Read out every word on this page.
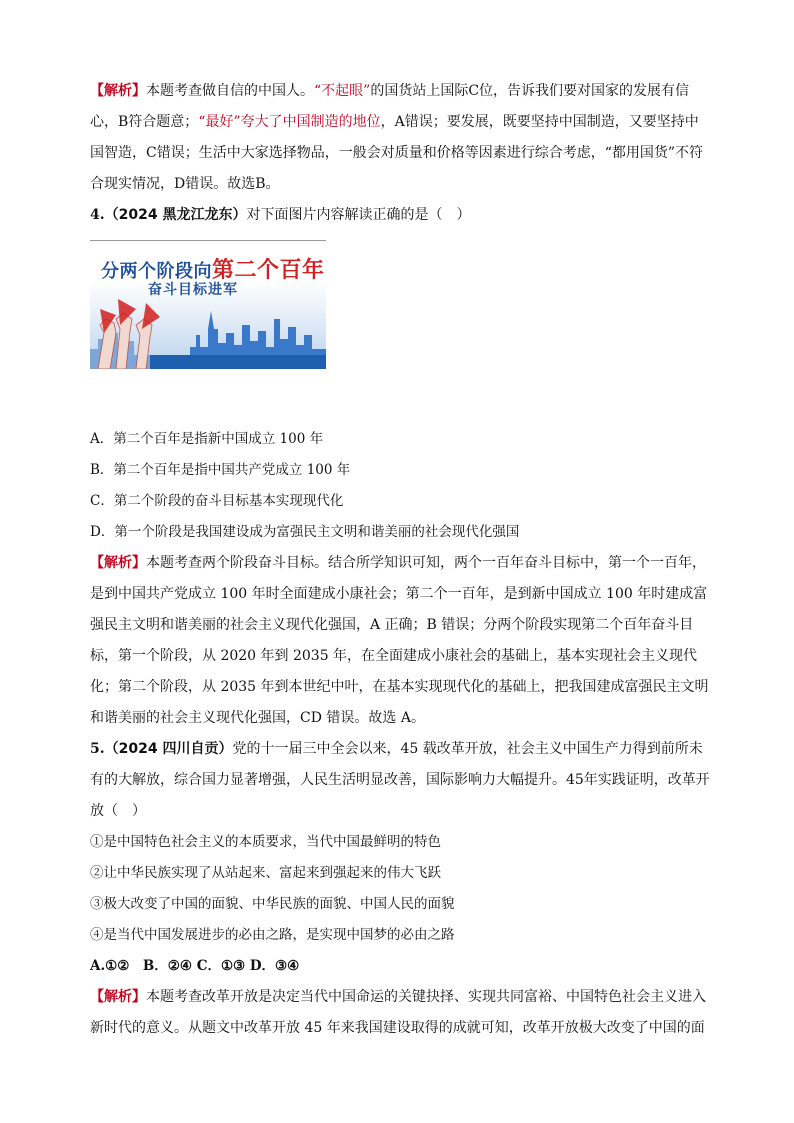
【解析】本题考查做自信的中国人。“不起眼”的国货站上国际C位，告诉我们要对国家的发展有信心，B符合题意；“最好”夸大了中国制造的地位，A错误；要发展，既要坚持中国制造，又要坚持中国智造，C错误；生活中大家选择物品，一般会对质量和价格等因素进行综合考虑，“都用国货”不符合现实情况，D错误。故选B。

4.（2024 黑龙江龙东）对下面图片内容解读正确的是（　）

分两个阶段向第二个百年
奋斗目标进军

A．第二个百年是指新中国成立 100 年

B．第二个百年是指中国共产党成立 100 年

C．第二个阶段的奋斗目标基本实现现代化

D．第一个阶段是我国建设成为富强民主文明和谐美丽的社会现代化强国

【解析】本题考查两个阶段奋斗目标。结合所学知识可知，两个一百年奋斗目标中，第一个一百年，是到中国共产党成立 100 年时全面建成小康社会；第二个一百年，是到新中国成立 100 年时建成富强民主文明和谐美丽的社会主义现代化强国，A 正确；B 错误；分两个阶段实现第二个百年奋斗目标，第一个阶段，从 2020 年到 2035 年，在全面建成小康社会的基础上，基本实现社会主义现代化；第二个阶段，从 2035 年到本世纪中叶，在基本实现现代化的基础上，把我国建成富强民主文明和谐美丽的社会主义现代化强国，CD 错误。故选 A。

5.（2024 四川自贡）党的十一届三中全会以来，45 载改革开放，社会主义中国生产力得到前所未有的大解放，综合国力显著增强，人民生活明显改善，国际影响力大幅提升。45年实践证明，改革开放（　）

①是中国特色社会主义的本质要求，当代中国最鲜明的特色

②让中华民族实现了从站起来、富起来到强起来的伟大飞跃

③极大改变了中国的面貌、中华民族的面貌、中国人民的面貌

④是当代中国发展进步的必由之路，是实现中国梦的必由之路

A.①②　B．②④ C．①③ D．③④

【解析】本题考查改革开放是决定当代中国命运的关键抉择、实现共同富裕、中国特色社会主义进入新时代的意义。从题文中改革开放 45 年来我国建设取得的成就可知，改革开放极大改变了中国的面
